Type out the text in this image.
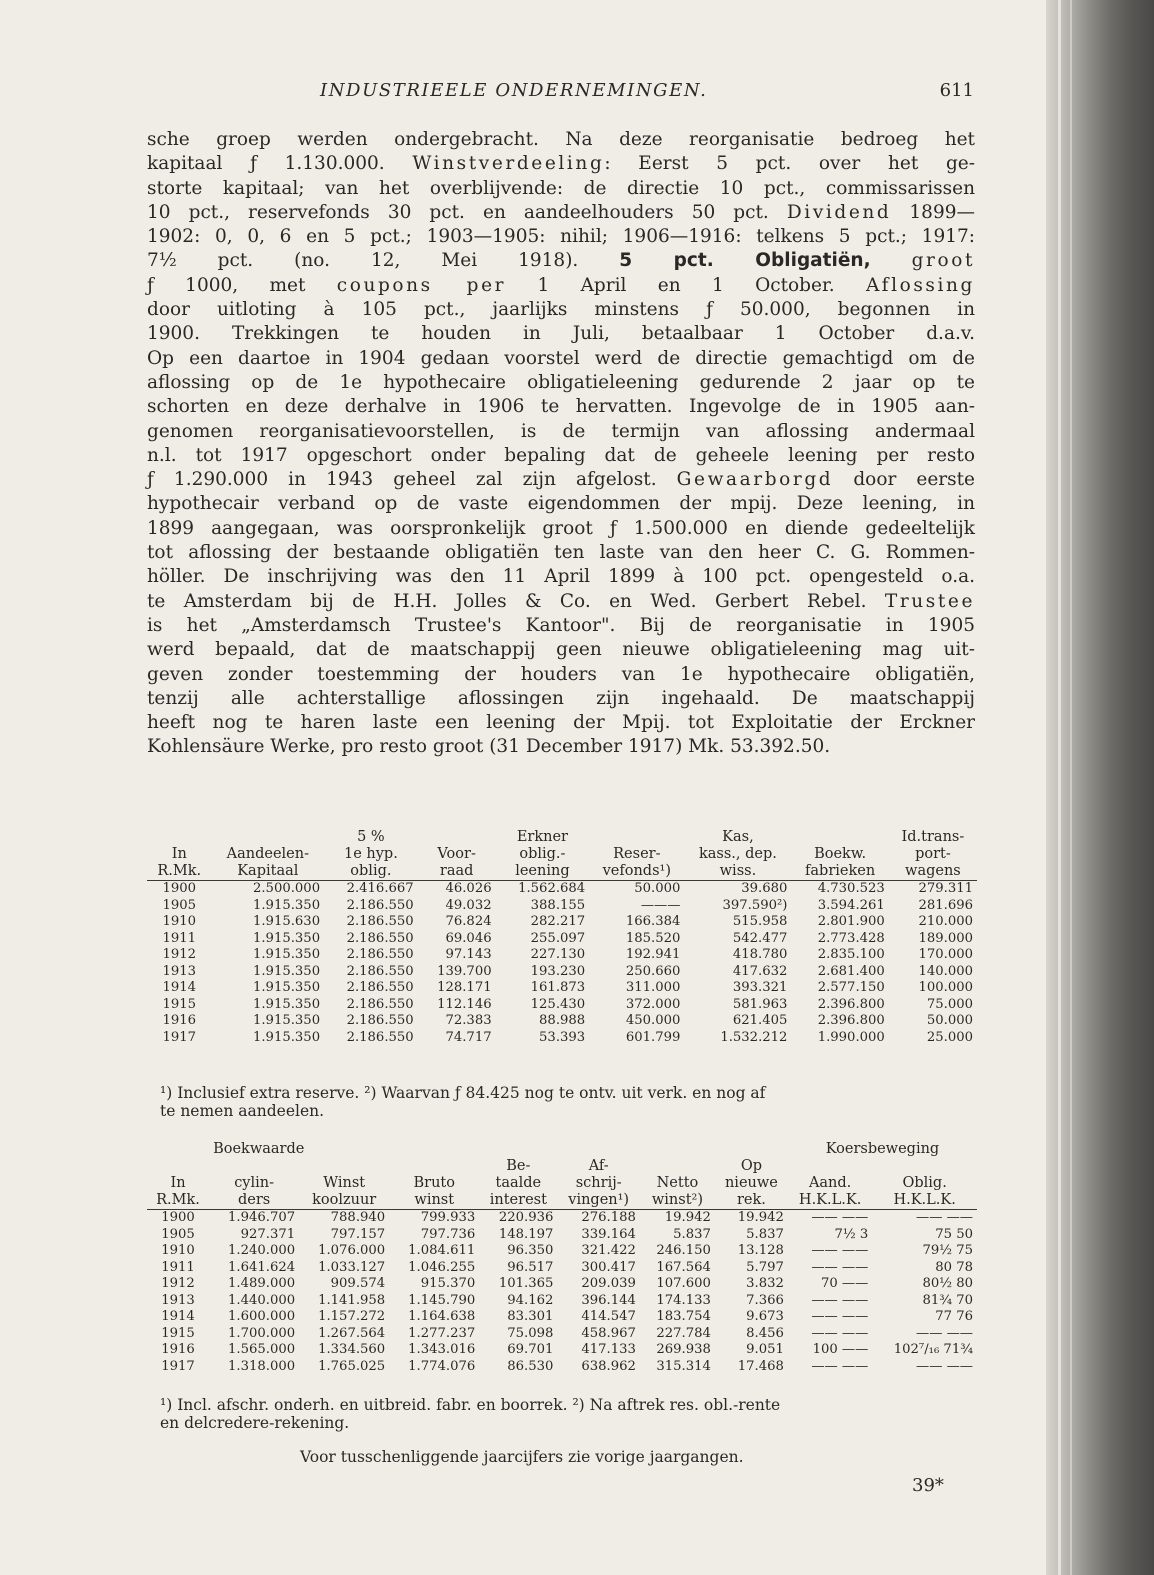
INDUSTRIEELE ONDERNEMINGEN.	611
sche groep werden ondergebracht. Na deze reorganisatie bedroeg het
kapitaal ƒ 1.130.000. Winstverdeeling: Eerst 5 pct. over het ge-
storte kapitaal; van het overblijvende: de directie 10 pct., commissarissen
10 pct., reservefonds 30 pct. en aandeelhouders 50 pct. Dividend 1899—
1902: 0, 0, 6 en 5 pct.; 1903—1905: nihil; 1906—1916: telkens 5 pct.; 1917:
7½ pct. (no. 12, Mei 1918). 5 pct. Obligatiën, groot
ƒ 1000, met coupons per 1 April en 1 October. Aflossing
door uitloting à 105 pct., jaarlijks minstens ƒ 50.000, begonnen in
1900. Trekkingen te houden in Juli, betaalbaar 1 October d.a.v.
Op een daartoe in 1904 gedaan voorstel werd de directie gemachtigd om de
aflossing op de 1e hypothecaire obligatieleening gedurende 2 jaar op te
schorten en deze derhalve in 1906 te hervatten. Ingevolge de in 1905 aan-
genomen reorganisatievoorstellen, is de termijn van aflossing andermaal
n.l. tot 1917 opgeschort onder bepaling dat de geheele leening per resto
ƒ 1.290.000 in 1943 geheel zal zijn afgelost. Gewaarborgd door eerste
hypothecair verband op de vaste eigendommen der mpij. Deze leening, in
1899 aangegaan, was oorspronkelijk groot ƒ 1.500.000 en diende gedeeltelijk
tot aflossing der bestaande obligatiën ten laste van den heer C. G. Rommen-
höller. De inschrijving was den 11 April 1899 à 100 pct. opengesteld o.a.
te Amsterdam bij de H.H. Jolles & Co. en Wed. Gerbert Rebel. Trustee
is het „Amsterdamsch Trustee's Kantoor". Bij de reorganisatie in 1905
werd bepaald, dat de maatschappij geen nieuwe obligatieleening mag uit-
geven zonder toestemming der houders van 1e hypothecaire obligatiën,
tenzij alle achterstallige aflossingen zijn ingehaald. De maatschappij
heeft nog te haren laste een leening der Mpij. tot Exploitatie der Erckner
Kohlensäure Werke, pro resto groot (31 December 1917) Mk. 53.392.50.
		5 %		Erkner		Kas,		Id.trans-
In	Aandeelen-	1e hyp.	Voor-	oblig.-	Reser-	kass., dep.	Boekw.	port-
R.Mk.	Kapitaal	oblig.	raad	leening	vefonds¹)	wiss.	fabrieken	wagens
1900	2.500.000	2.416.667	46.026	1.562.684	50.000	39.680	4.730.523	279.311
1905	1.915.350	2.186.550	49.032	388.155	———	397.590²)	3.594.261	281.696
1910	1.915.630	2.186.550	76.824	282.217	166.384	515.958	2.801.900	210.000
1911	1.915.350	2.186.550	69.046	255.097	185.520	542.477	2.773.428	189.000
1912	1.915.350	2.186.550	97.143	227.130	192.941	418.780	2.835.100	170.000
1913	1.915.350	2.186.550	139.700	193.230	250.660	417.632	2.681.400	140.000
1914	1.915.350	2.186.550	128.171	161.873	311.000	393.321	2.577.150	100.000
1915	1.915.350	2.186.550	112.146	125.430	372.000	581.963	2.396.800	75.000
1916	1.915.350	2.186.550	72.383	88.988	450.000	621.405	2.396.800	50.000
1917	1.915.350	2.186.550	74.717	53.393	601.799	1.532.212	1.990.000	25.000
¹) Inclusief extra reserve. ²) Waarvan ƒ 84.425 nog te ontv. uit verk. en nog af
te nemen aandeelen.
	Boekwaarde							Koersbeweging	
				Be-	Af-		Op		
In	cylin-	Winst	Bruto	taalde	schrij-	Netto	nieuwe	Aand.	Oblig.
R.Mk.	ders	koolzuur	winst	interest	vingen¹)	winst²)	rek.	H.K.L.K.	H.K.L.K.
1900	1.946.707	788.940	799.933	220.936	276.188	19.942	19.942	—— ——	—— ——
1905	927.371	797.157	797.736	148.197	339.164	5.837	5.837	7½ 3	75 50
1910	1.240.000	1.076.000	1.084.611	96.350	321.422	246.150	13.128	—— ——	79½ 75
1911	1.641.624	1.033.127	1.046.255	96.517	300.417	167.564	5.797	—— ——	80 78
1912	1.489.000	909.574	915.370	101.365	209.039	107.600	3.832	70 ——	80½ 80
1913	1.440.000	1.141.958	1.145.790	94.162	396.144	174.133	7.366	—— ——	81¾ 70
1914	1.600.000	1.157.272	1.164.638	83.301	414.547	183.754	9.673	—— ——	77 76
1915	1.700.000	1.267.564	1.277.237	75.098	458.967	227.784	8.456	—— ——	—— ——
1916	1.565.000	1.334.560	1.343.016	69.701	417.133	269.938	9.051	100 ——	102⁷/₁₆ 71¾
1917	1.318.000	1.765.025	1.774.076	86.530	638.962	315.314	17.468	—— ——	—— ——
¹) Incl. afschr. onderh. en uitbreid. fabr. en boorrek. ²) Na aftrek res. obl.-rente
en delcredere-rekening.
Voor tusschenliggende jaarcijfers zie vorige jaargangen.
39*
